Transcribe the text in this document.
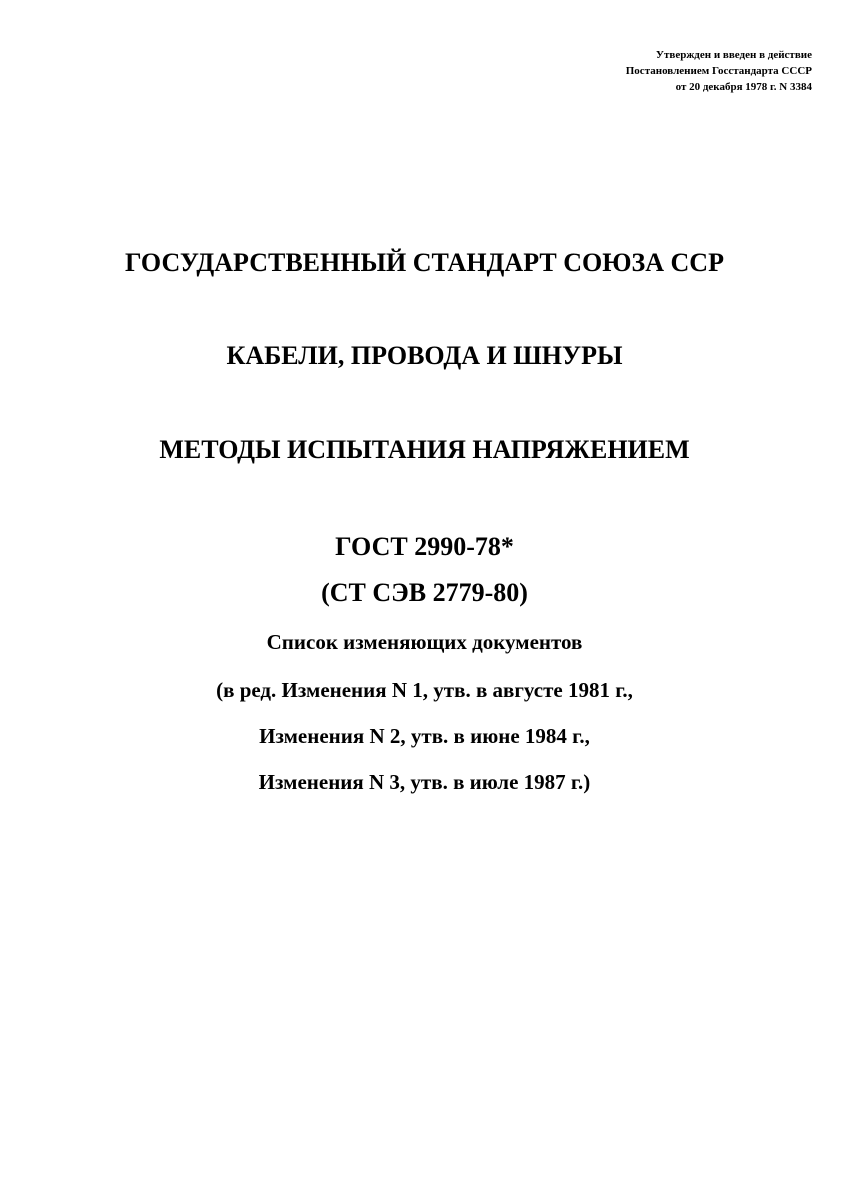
Утвержден и введен в действие
Постановлением Госстандарта СССР
от 20 декабря 1978 г. N 3384
ГОСУДАРСТВЕННЫЙ СТАНДАРТ СОЮЗА ССР
КАБЕЛИ, ПРОВОДА И ШНУРЫ
МЕТОДЫ ИСПЫТАНИЯ НАПРЯЖЕНИЕМ
ГОСТ 2990-78*
(СТ СЭВ 2779-80)
Список изменяющих документов
(в ред. Изменения N 1, утв. в августе 1981 г.,
Изменения N 2, утв. в июне 1984 г.,
Изменения N 3, утв. в июле 1987 г.)
